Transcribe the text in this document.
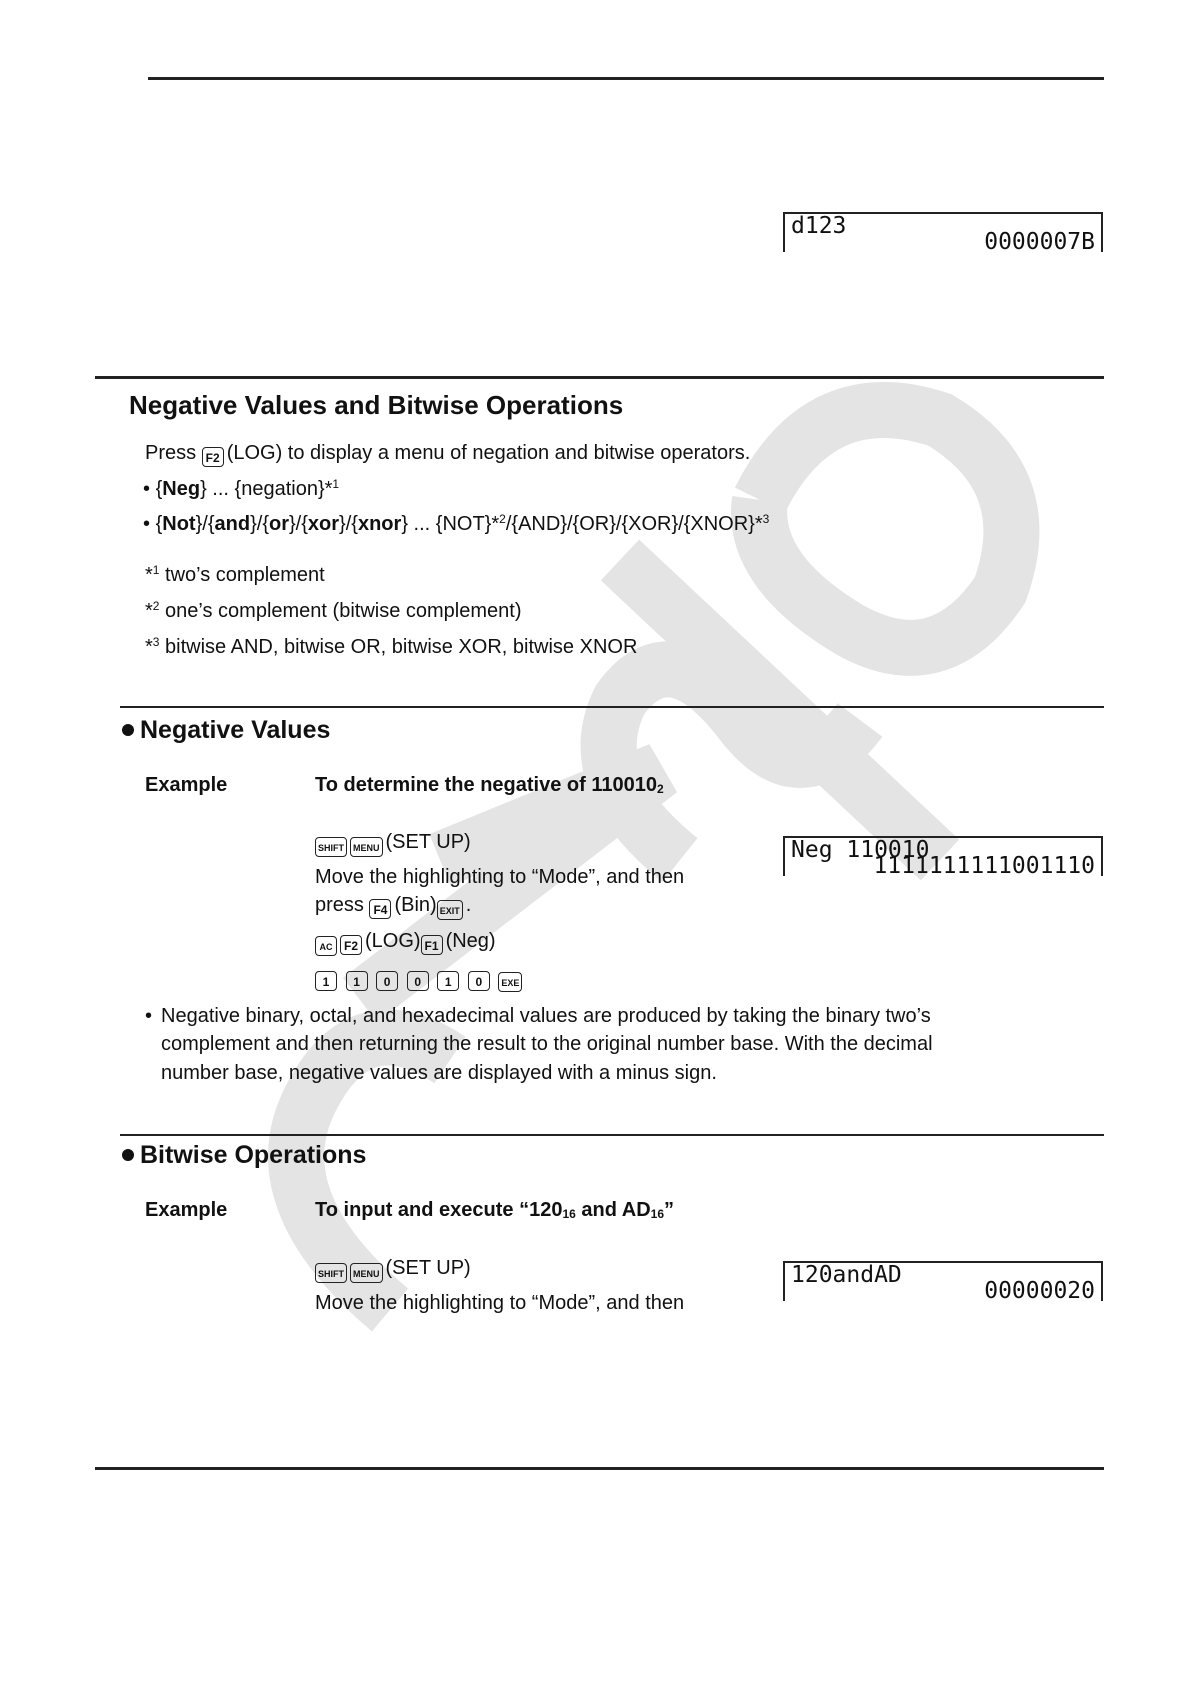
d123
0000007B
Negative Values and Bitwise Operations
Press F2 (LOG) to display a menu of negation and bitwise operators.
• {Neg} ... {negation}*$^1$
• {Not}/{and}/{or}/{xor}/{xnor} ... {NOT}*$^2$/{AND}/{OR}/{XOR}/{XNOR}*$^3$
*$^1$ two’s complement
*$^2$ one’s complement (bitwise complement)
*$^3$ bitwise AND, bitwise OR, bitwise XOR, bitwise XNOR
Negative Values
Example	To determine the negative of $110010_2$
SHIFT MENU (SET UP)
Move the highlighting to “Mode”, and then
press F4 (Bin) EXIT .
AC F2 (LOG) F1 (Neg)
1 1 0 0 1 0 EXE
Neg 110010
1111111111001110
• Negative binary, octal, and hexadecimal values are produced by taking the binary two’s
complement and then returning the result to the original number base. With the decimal
number base, negative values are displayed with a minus sign.
Bitwise Operations
Example	To input and execute “$120_{16}$ and $AD_{16}$”
SHIFT MENU (SET UP)
Move the highlighting to “Mode”, and then
120andAD
00000020
